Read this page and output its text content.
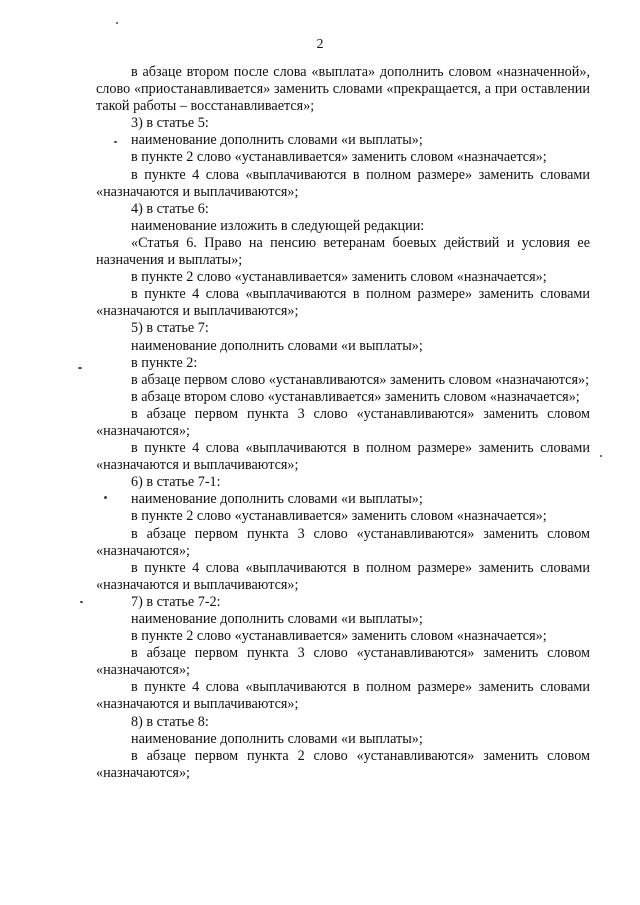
2

в абзаце втором после слова «выплата» дополнить словом «назначенной», слово «приостанавливается» заменить словами «прекращается, а при оставлении такой работы – восстанавливается»;

3) в статье 5:

наименование дополнить словами «и выплаты»;

в пункте 2 слово «устанавливается» заменить словом «назначается»;

в пункте 4 слова «выплачиваются в полном размере» заменить словами «назначаются и выплачиваются»;

4) в статье 6:

наименование изложить в следующей редакции:

«Статья 6. Право на пенсию ветеранам боевых действий и условия ее назначения и выплаты»;

в пункте 2 слово «устанавливается» заменить словом «назначается»;

в пункте 4 слова «выплачиваются в полном размере» заменить словами «назначаются и выплачиваются»;

5) в статье 7:

наименование дополнить словами «и выплаты»;

в пункте 2:

в абзаце первом слово «устанавливаются» заменить словом «назначаются»;

в абзаце втором слово «устанавливается» заменить словом «назначается»;

в абзаце первом пункта 3 слово «устанавливаются» заменить словом «назначаются»;

в пункте 4 слова «выплачиваются в полном размере» заменить словами «назначаются и выплачиваются»;

6) в статье 7-1:

наименование дополнить словами «и выплаты»;

в пункте 2 слово «устанавливается» заменить словом «назначается»;

в абзаце первом пункта 3 слово «устанавливаются» заменить словом «назначаются»;

в пункте 4 слова «выплачиваются в полном размере» заменить словами «назначаются и выплачиваются»;

7) в статье 7-2:

наименование дополнить словами «и выплаты»;

в пункте 2 слово «устанавливается» заменить словом «назначается»;

в абзаце первом пункта 3 слово «устанавливаются» заменить словом «назначаются»;

в пункте 4 слова «выплачиваются в полном размере» заменить словами «назначаются и выплачиваются»;

8) в статье 8:

наименование дополнить словами «и выплаты»;

в абзаце первом пункта 2 слово «устанавливаются» заменить словом «назначаются»;
